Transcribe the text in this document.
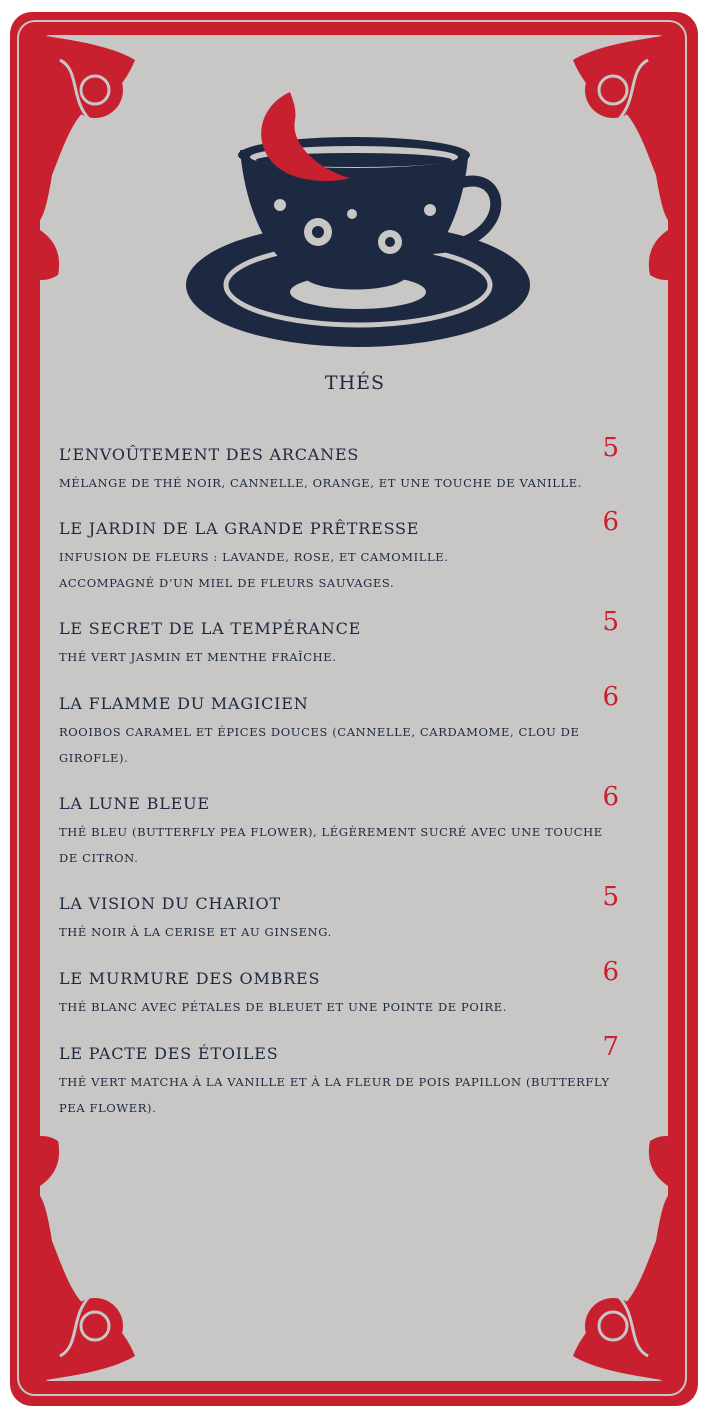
THÉS
L’ENVOÛTEMENT DES ARCANES
MÉLANGE DE THÉ NOIR, CANNELLE, ORANGE, ET UNE TOUCHE DE VANILLE.
5
LE JARDIN DE LA GRANDE PRÊTRESSE
INFUSION DE FLEURS : LAVANDE, ROSE, ET CAMOMILLE.
ACCOMPAGNÉ D’UN MIEL DE FLEURS SAUVAGES.
6
LE SECRET DE LA TEMPÉRANCE
THÉ VERT JASMIN ET MENTHE FRAÎCHE.
5
LA FLAMME DU MAGICIEN
ROOIBOS CARAMEL ET ÉPICES DOUCES (CANNELLE, CARDAMOME, CLOU DE GIROFLE).
6
LA LUNE BLEUE
THÉ BLEU (BUTTERFLY PEA FLOWER), LÉGÈREMENT SUCRÉ AVEC UNE TOUCHE DE CITRON.
6
LA VISION DU CHARIOT
THÉ NOIR À LA CERISE ET AU GINSENG.
5
LE MURMURE DES OMBRES
THÉ BLANC AVEC PÉTALES DE BLEUET ET UNE POINTE DE POIRE.
6
LE PACTE DES ÉTOILES
THÉ VERT MATCHA À LA VANILLE ET À LA FLEUR DE POIS PAPILLON (BUTTERFLY PEA FLOWER).
7
